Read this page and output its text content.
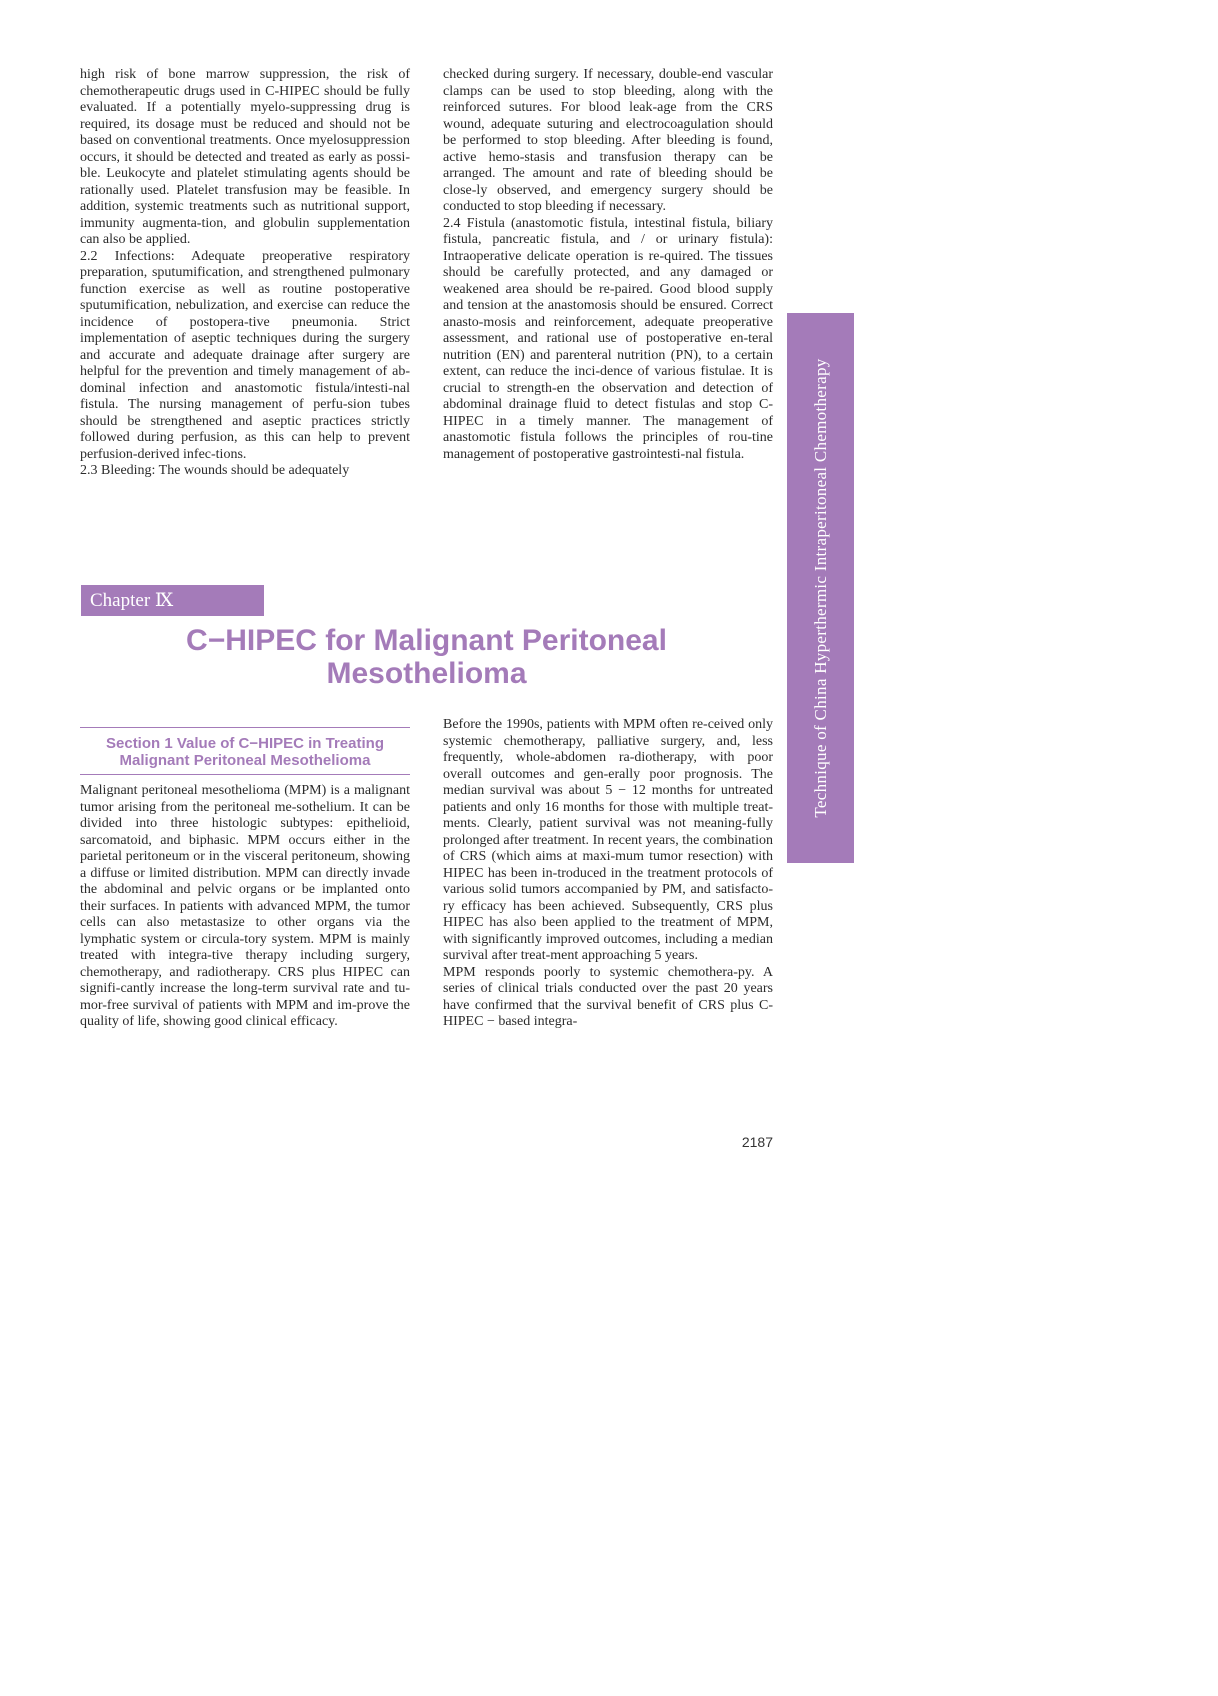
high risk of bone marrow suppression, the risk of chemotherapeutic drugs used in C-HIPEC should be fully evaluated. If a potentially myelo-suppressing drug is required, its dosage must be reduced and should not be based on conventional treatments. Once myelosuppression occurs, it should be detected and treated as early as possi-ble. Leukocyte and platelet stimulating agents should be rationally used. Platelet transfusion may be feasible. In addition, systemic treatments such as nutritional support, immunity augmenta-tion, and globulin supplementation can also be applied.

2.2 Infections: Adequate preoperative respiratory preparation, sputumification, and strengthened pulmonary function exercise as well as routine postoperative sputumification, nebulization, and exercise can reduce the incidence of postopera-tive pneumonia. Strict implementation of aseptic techniques during the surgery and accurate and adequate drainage after surgery are helpful for the prevention and timely management of ab-dominal infection and anastomotic fistula/intesti-nal fistula. The nursing management of perfu-sion tubes should be strengthened and aseptic practices strictly followed during perfusion, as this can help to prevent perfusion-derived infec-tions.

2.3 Bleeding: The wounds should be adequately

checked during surgery. If necessary, double-end vascular clamps can be used to stop bleeding, along with the reinforced sutures. For blood leak-age from the CRS wound, adequate suturing and electrocoagulation should be performed to stop bleeding. After bleeding is found, active hemo-stasis and transfusion therapy can be arranged. The amount and rate of bleeding should be close-ly observed, and emergency surgery should be conducted to stop bleeding if necessary.

2.4 Fistula (anastomotic fistula, intestinal fistula, biliary fistula, pancreatic fistula, and / or urinary fistula): Intraoperative delicate operation is re-quired. The tissues should be carefully protected, and any damaged or weakened area should be re-paired. Good blood supply and tension at the anastomosis should be ensured. Correct anasto-mosis and reinforcement, adequate preoperative assessment, and rational use of postoperative en-teral nutrition (EN) and parenteral nutrition (PN), to a certain extent, can reduce the inci-dence of various fistulae. It is crucial to strength-en the observation and detection of abdominal drainage fluid to detect fistulas and stop C-HIPEC in a timely manner. The management of anastomotic fistula follows the principles of rou-tine management of postoperative gastrointesti-nal fistula.

Chapter Ⅸ
C−HIPEC for Malignant Peritoneal
Mesothelioma
Section 1 Value of C−HIPEC in Treating
Malignant Peritoneal Mesothelioma

Malignant peritoneal mesothelioma (MPM) is a malignant tumor arising from the peritoneal me-sothelium. It can be divided into three histologic subtypes: epithelioid, sarcomatoid, and biphasic. MPM occurs either in the parietal peritoneum or in the visceral peritoneum, showing a diffuse or limited distribution. MPM can directly invade the abdominal and pelvic organs or be implanted onto their surfaces. In patients with advanced MPM, the tumor cells can also metastasize to other organs via the lymphatic system or circula-tory system. MPM is mainly treated with integra-tive therapy including surgery, chemotherapy, and radiotherapy. CRS plus HIPEC can signifi-cantly increase the long-term survival rate and tu-mor-free survival of patients with MPM and im-prove the quality of life, showing good clinical efficacy.

Before the 1990s, patients with MPM often re-ceived only systemic chemotherapy, palliative surgery, and, less frequently, whole-abdomen ra-diotherapy, with poor overall outcomes and gen-erally poor prognosis. The median survival was about 5 − 12 months for untreated patients and only 16 months for those with multiple treat-ments. Clearly, patient survival was not meaning-fully prolonged after treatment. In recent years, the combination of CRS (which aims at maxi-mum tumor resection) with HIPEC has been in-troduced in the treatment protocols of various solid tumors accompanied by PM, and satisfacto-ry efficacy has been achieved. Subsequently, CRS plus HIPEC has also been applied to the treatment of MPM, with significantly improved outcomes, including a median survival after treat-ment approaching 5 years.

MPM responds poorly to systemic chemothera-py. A series of clinical trials conducted over the past 20 years have confirmed that the survival benefit of CRS plus C-HIPEC − based integra-

Technique of China Hyperthermic Intraperitoneal Chemotherapy
2187
